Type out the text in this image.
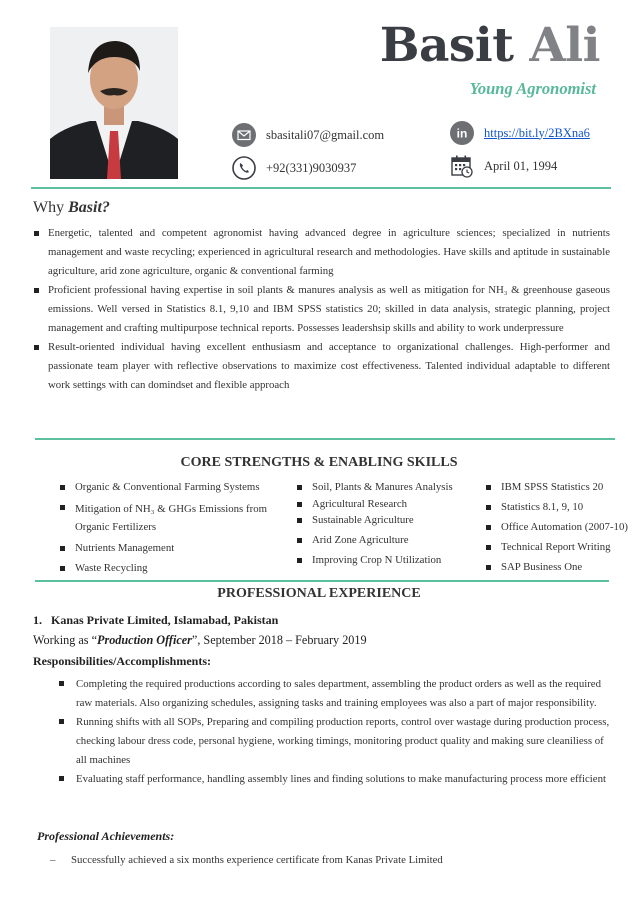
Basit Ali
Young Agronomist
sbasitali07@gmail.com
+92(331)9030937
in https://bit.ly/2BXna6
April 01, 1994
Why Basit?
Energetic, talented and competent agronomist having advanced degree in agriculture sciences; specialized in nutrients management and waste recycling; experienced in agricultural research and methodologies. Have skills and aptitude in sustainable agriculture, arid zone agriculture, organic & conventional farming
Proficient professional having expertise in soil plants & manures analysis as well as mitigation for NH₃ & greenhouse gaseous emissions. Well versed in Statistics 8.1, 9,10 and IBM SPSS statistics 20; skilled in data analysis, strategic planning, project management and crafting multipurpose technical reports. Possesses leadershsip skills and ability to work underpressure
Result-oriented individual having excellent enthusiasm and acceptance to organizational challenges. High-performer and passionate team player with reflective observations to maximize cost effectiveness. Talented individual adaptable to different work settings with can domindset and flexible approach
CORE STRENGTHS & ENABLING SKILLS
Organic & Conventional Farming Systems
Mitigation of NH₃ & GHGs Emissions from Organic Fertilizers
Nutrients Management
Waste Recycling
Soil, Plants & Manures Analysis
Agricultural Research
Sustainable Agriculture
Arid Zone Agriculture
Improving Crop N Utilization
IBM SPSS Statistics 20
Statistics 8.1, 9, 10
Office Automation (2007-10)
Technical Report Writing
SAP Business One
PROFESSIONAL EXPERIENCE
1.   Kanas Private Limited, Islamabad, Pakistan
Working as “Production Officer”, September 2018 – February 2019
Responsibilities/Accomplishments:
Completing the required productions according to sales department, assembling the product orders as well as the required raw materials. Also organizing schedules, assigning tasks and training employees was also a part of major responsibility.
Running shifts with all SOPs, Preparing and compiling production reports, control over wastage during production process, checking labour dress code, personal hygiene, working timings, monitoring product quality and making sure cleaniliess of all machines
Evaluating staff performance, handling assembly lines and finding solutions to make manufacturing process more efficient
Professional Achievements:
– Successfully achieved a six months experience certificate from Kanas Private Limited
